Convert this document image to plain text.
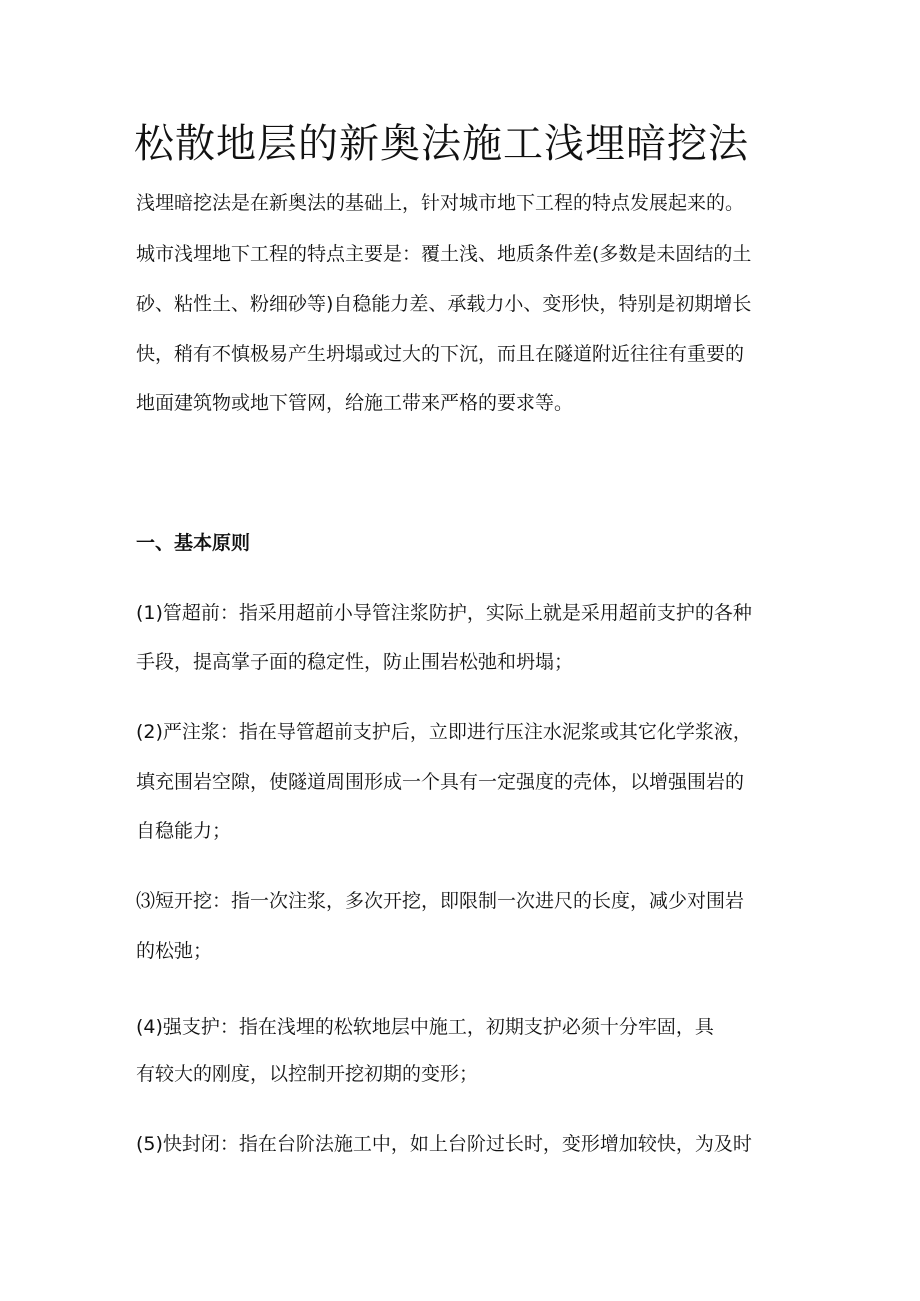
松散地层的新奥法施工浅埋暗挖法

浅埋暗挖法是在新奥法的基础上，针对城市地下工程的特点发展起来的。

城市浅埋地下工程的特点主要是：覆土浅、地质条件差(多数是未固结的土

砂、粘性土、粉细砂等)自稳能力差、承载力小、变形快，特别是初期增长

快，稍有不慎极易产生坍塌或过大的下沉，而且在隧道附近往往有重要的

地面建筑物或地下管网，给施工带来严格的要求等。

一、基本原则

(1)管超前：指采用超前小导管注浆防护，实际上就是采用超前支护的各种

手段，提高掌子面的稳定性，防止围岩松弛和坍塌；

(2)严注浆：指在导管超前支护后，立即进行压注水泥浆或其它化学浆液，

填充围岩空隙，使隧道周围形成一个具有一定强度的壳体，以增强围岩的

自稳能力；

⑶短开挖：指一次注浆，多次开挖，即限制一次进尺的长度，减少对围岩

的松弛；

(4)强支护：指在浅埋的松软地层中施工，初期支护必须十分牢固，具

有较大的刚度，以控制开挖初期的变形；

(5)快封闭：指在台阶法施工中，如上台阶过长时，变形增加较快，为及时
